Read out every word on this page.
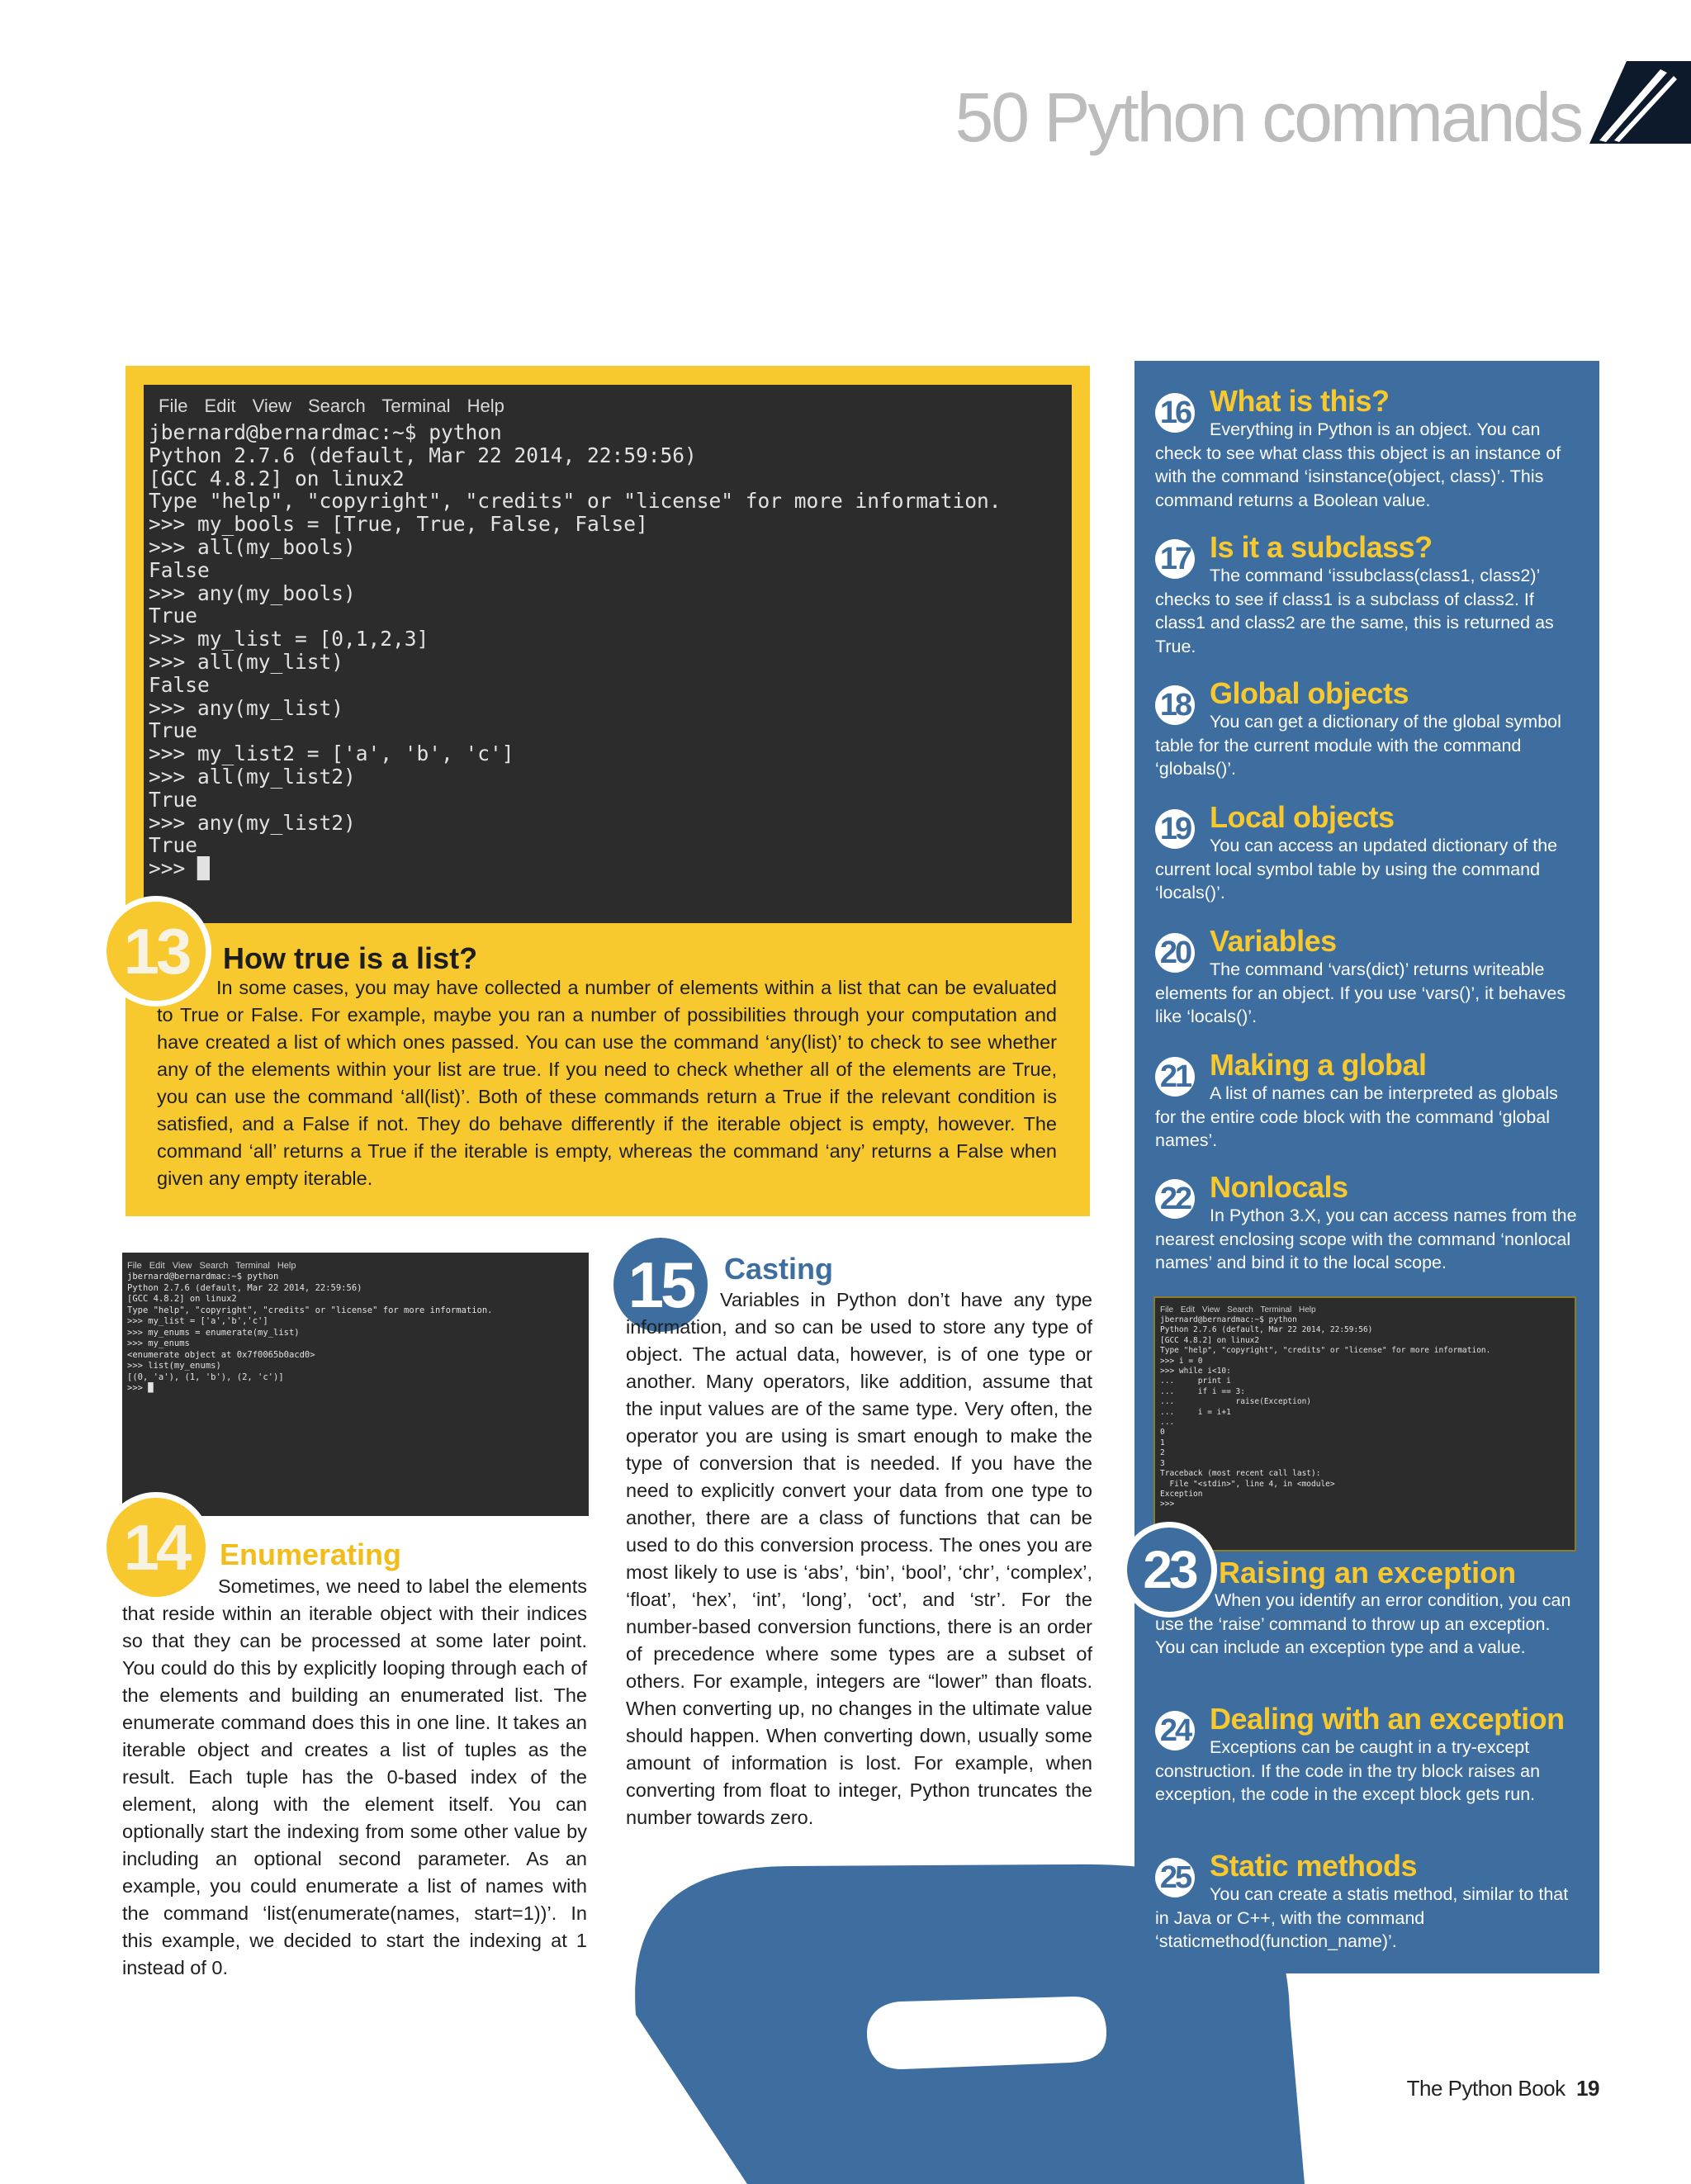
50 Python commands
File Edit View Search Terminal Help
jbernard@bernardmac:~$ python
Python 2.7.6 (default, Mar 22 2014, 22:59:56)
[GCC 4.8.2] on linux2
Type "help", "copyright", "credits" or "license" for more information.
>>> my_bools = [True, True, False, False]
>>> all(my_bools)
False
>>> any(my_bools)
True
>>> my_list = [0,1,2,3]
>>> all(my_list)
False
>>> any(my_list)
True
>>> my_list2 = ['a', 'b', 'c']
>>> all(my_list2)
True
>>> any(my_list2)
True
>>> █
13	How true is a list?
In some cases, you may have collected a number of elements within a list that can be evaluated to True or False. For example, maybe you ran a number of possibilities through your computation and have created a list of which ones passed. You can use the command ‘any(list)’ to check to see whether any of the elements within your list are true. If you need to check whether all of the elements are True, you can use the command ‘all(list)’. Both of these commands return a True if the relevant condition is satisfied, and a False if not. They do behave differently if the iterable object is empty, however. The command ‘all’ returns a True if the iterable is empty, whereas the command ‘any’ returns a False when given any empty iterable.
File Edit View Search Terminal Help
jbernard@bernardmac:~$ python
Python 2.7.6 (default, Mar 22 2014, 22:59:56)
[GCC 4.8.2] on linux2
Type "help", "copyright", "credits" or "license" for more information.
>>> my_list = ['a','b','c']
>>> my_enums = enumerate(my_list)
>>> my_enums
<enumerate object at 0x7f0065b0acd0>
>>> list(my_enums)
[(0, 'a'), (1, 'b'), (2, 'c')]
>>> █
14	Enumerating
Sometimes, we need to label the elements that reside within an iterable object with their indices so that they can be processed at some later point. You could do this by explicitly looping through each of the elements and building an enumerated list. The enumerate command does this in one line. It takes an iterable object and creates a list of tuples as the result. Each tuple has the 0-based index of the element, along with the element itself. You can optionally start the indexing from some other value by including an optional second parameter. As an example, you could enumerate a list of names with the command ‘list(enumerate(names, start=1))’. In this example, we decided to start the indexing at 1 instead of 0.
15	Casting
Variables in Python don’t have any type information, and so can be used to store any type of object. The actual data, however, is of one type or another. Many operators, like addition, assume that the input values are of the same type. Very often, the operator you are using is smart enough to make the type of conversion that is needed. If you have the need to explicitly convert your data from one type to another, there are a class of functions that can be used to do this conversion process. The ones you are most likely to use is ‘abs’, ‘bin’, ‘bool’, ‘chr’, ‘complex’, ‘float’, ‘hex’, ‘int’, ‘long’, ‘oct’, and ‘str’. For the number-based conversion functions, there is an order of precedence where some types are a subset of others. For example, integers are “lower” than floats. When converting up, no changes in the ultimate value should happen. When converting down, usually some amount of information is lost. For example, when converting from float to integer, Python truncates the number towards zero.
16 What is this?
Everything in Python is an object. You can check to see what class this object is an instance of with the command ‘isinstance(object, class)’. This command returns a Boolean value.
17 Is it a subclass?
The command ‘issubclass(class1, class2)’ checks to see if class1 is a subclass of class2. If class1 and class2 are the same, this is returned as True.
18 Global objects
You can get a dictionary of the global symbol table for the current module with the command ‘globals()’.
19 Local objects
You can access an updated dictionary of the current local symbol table by using the command ‘locals()’.
20 Variables
The command ‘vars(dict)’ returns writeable elements for an object. If you use ‘vars()’, it behaves like ‘locals()’.
21 Making a global
A list of names can be interpreted as globals for the entire code block with the command ‘global names’.
22 Nonlocals
In Python 3.X, you can access names from the nearest enclosing scope with the command ‘nonlocal names’ and bind it to the local scope.
File Edit View Search Terminal Help
jbernard@bernardmac:~$ python
Python 2.7.6 (default, Mar 22 2014, 22:59:56)
[GCC 4.8.2] on linux2
Type "help", "copyright", "credits" or "license" for more information.
>>> i = 0
>>> while i<10:
...     print i
...     if i == 3:
...             raise(Exception)
...     i = i+1
...
0
1
2
3
Traceback (most recent call last):
File "<stdin>", line 4, in <module>
Exception
>>>
23 Raising an exception
When you identify an error condition, you can use the ‘raise’ command to throw up an exception. You can include an exception type and a value.
24 Dealing with an exception
Exceptions can be caught in a try-except construction. If the code in the try block raises an exception, the code in the except block gets run.
25 Static methods
You can create a statis method, similar to that in Java or C++, with the command ‘staticmethod(function_name)’.
The Python Book 19
